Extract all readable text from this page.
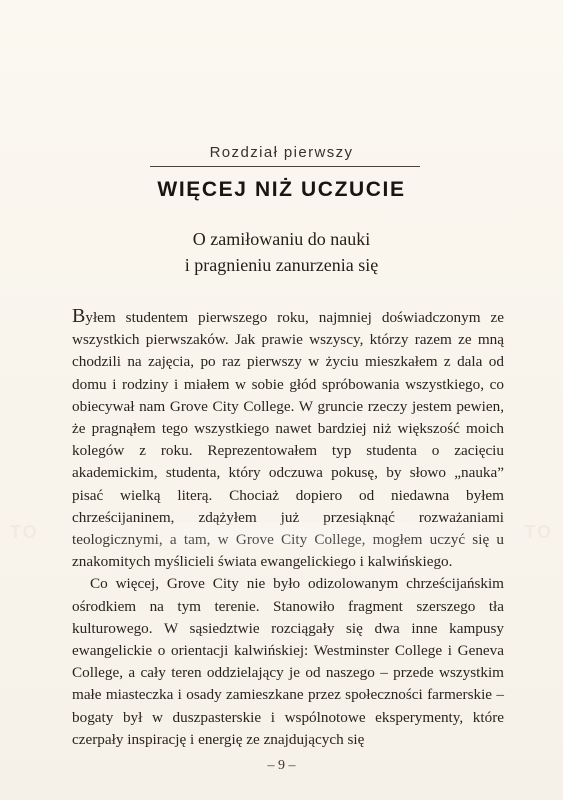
Rozdział pierwszy
WIĘCEJ NIŻ UCZUCIE
O zamiłowaniu do nauki
i pragnieniu zanurzenia się

Byłem studentem pierwszego roku, najmniej doświadczonym ze wszystkich pierwszaków. Jak prawie wszyscy, którzy razem ze mną chodzili na zajęcia, po raz pierwszy w życiu mieszkałem z dala od domu i rodziny i miałem w sobie głód spróbowania wszystkiego, co obiecywał nam Grove City College. W gruncie rzeczy jestem pewien, że pragnąłem tego wszystkiego nawet bardziej niż większość moich kolegów z roku. Reprezentowałem typ studenta o zacięciu akademickim, studenta, który odczuwa pokusę, by słowo „nauka” pisać wielką literą. Chociaż dopiero od niedawna byłem chrześcijaninem, zdążyłem już przesiąknąć rozważaniami teologicznymi, a tam, w Grove City College, mogłem uczyć się u znakomitych myślicieli świata ewangelickiego i kalwińskiego.

Co więcej, Grove City nie było odizolowanym chrześcijańskim ośrodkiem na tym terenie. Stanowiło fragment szerszego tła kulturowego. W sąsiedztwie rozciągały się dwa inne kampusy ewangelickie o orientacji kalwińskiej: Westminster College i Geneva College, a cały teren oddzielający je od naszego – przede wszystkim małe miasteczka i osady zamieszkane przez społeczności farmerskie – bogaty był w duszpasterskie i wspólnotowe eksperymenty, które czerpały inspirację i energię ze znajdujących się

TO	TO
– 9 –
